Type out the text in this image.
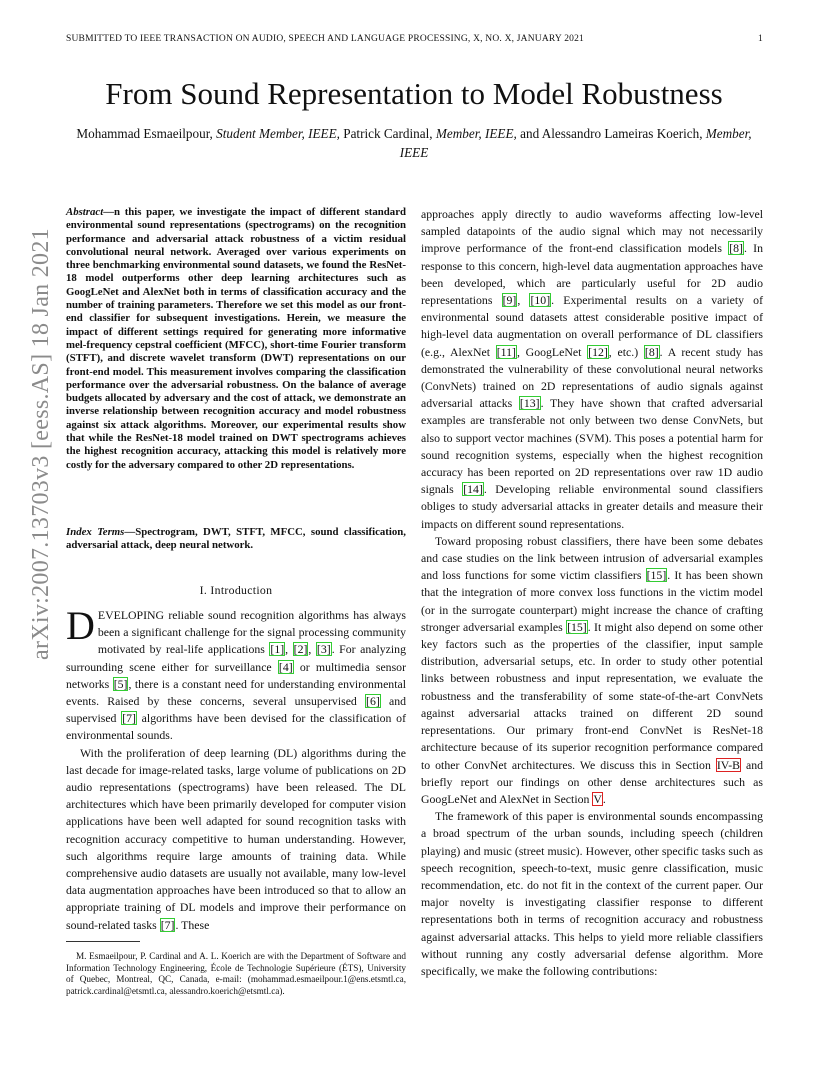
SUBMITTED TO IEEE TRANSACTION ON AUDIO, SPEECH AND LANGUAGE PROCESSING, X, NO. X, JANUARY 2021	1
arXiv:2007.13703v3 [eess.AS] 18 Jan 2021
From Sound Representation to Model Robustness
Mohammad Esmaeilpour, Student Member, IEEE, Patrick Cardinal, Member, IEEE, and Alessandro Lameiras Koerich, Member, IEEE
Abstract—n this paper, we investigate the impact of different standard environmental sound representations (spectrograms) on the recognition performance and adversarial attack robustness of a victim residual convolutional neural network. Averaged over various experiments on three benchmarking environmental sound datasets, we found the ResNet-18 model outperforms other deep learning architectures such as GoogLeNet and AlexNet both in terms of classification accuracy and the number of training parameters. Therefore we set this model as our front-end classifier for subsequent investigations. Herein, we measure the impact of different settings required for generating more informative mel-frequency cepstral coefficient (MFCC), short-time Fourier transform (STFT), and discrete wavelet transform (DWT) representations on our front-end model. This measurement involves comparing the classification performance over the adversarial robustness. On the balance of average budgets allocated by adversary and the cost of attack, we demonstrate an inverse relationship between recognition accuracy and model robustness against six attack algorithms. Moreover, our experimental results show that while the ResNet-18 model trained on DWT spectrograms achieves the highest recognition accuracy, attacking this model is relatively more costly for the adversary compared to other 2D representations.
Index Terms—Spectrogram, DWT, STFT, MFCC, sound classification, adversarial attack, deep neural network.
I. Introduction

DEVELOPING reliable sound recognition algorithms has always been a significant challenge for the signal processing community motivated by real-life applications [1], [2], [3]. For analyzing surrounding scene either for surveillance [4] or multimedia sensor networks [5], there is a constant need for understanding environmental events. Raised by these concerns, several unsupervised [6] and supervised [7] algorithms have been devised for the classification of environmental sounds.

With the proliferation of deep learning (DL) algorithms during the last decade for image-related tasks, large volume of publications on 2D audio representations (spectrograms) have been released. The DL architectures which have been primarily developed for computer vision applications have been well adapted for sound recognition tasks with recognition accuracy competitive to human understanding. However, such algorithms require large amounts of training data. While comprehensive audio datasets are usually not available, many low-level data augmentation approaches have been introduced so that to allow an appropriate training of DL models and improve their performance on sound-related tasks [7]. These

M. Esmaeilpour, P. Cardinal and A. L. Koerich are with the Department of Software and Information Technology Engineering, École de Technologie Supérieure (ÉTS), University of Quebec, Montreal, QC, Canada, e-mail: (mohammad.esmaeilpour.1@ens.etsmtl.ca, patrick.cardinal@etsmtl.ca, alessandro.koerich@etsmtl.ca).

approaches apply directly to audio waveforms affecting low-level sampled datapoints of the audio signal which may not necessarily improve performance of the front-end classification models [8]. In response to this concern, high-level data augmentation approaches have been developed, which are particularly useful for 2D audio representations [9], [10]. Experimental results on a variety of environmental sound datasets attest considerable positive impact of high-level data augmentation on overall performance of DL classifiers (e.g., AlexNet [11], GoogLeNet [12], etc.) [8]. A recent study has demonstrated the vulnerability of these convolutional neural networks (ConvNets) trained on 2D representations of audio signals against adversarial attacks [13]. They have shown that crafted adversarial examples are transferable not only between two dense ConvNets, but also to support vector machines (SVM). This poses a potential harm for sound recognition systems, especially when the highest recognition accuracy has been reported on 2D representations over raw 1D audio signals [14]. Developing reliable environmental sound classifiers obliges to study adversarial attacks in greater details and measure their impacts on different sound representations.

Toward proposing robust classifiers, there have been some debates and case studies on the link between intrusion of adversarial examples and loss functions for some victim classifiers [15]. It has been shown that the integration of more convex loss functions in the victim model (or in the surrogate counterpart) might increase the chance of crafting stronger adversarial examples [15]. It might also depend on some other key factors such as the properties of the classifier, input sample distribution, adversarial setups, etc. In order to study other potential links between robustness and input representation, we evaluate the robustness and the transferability of some state-of-the-art ConvNets against adversarial attacks trained on different 2D sound representations. Our primary front-end ConvNet is ResNet-18 architecture because of its superior recognition performance compared to other ConvNet architectures. We discuss this in Section IV-B and briefly report our findings on other dense architectures such as GoogLeNet and AlexNet in Section V.

The framework of this paper is environmental sounds encompassing a broad spectrum of the urban sounds, including speech (children playing) and music (street music). However, other specific tasks such as speech recognition, speech-to-text, music genre classification, music recommendation, etc. do not fit in the context of the current paper. Our major novelty is investigating classifier response to different representations both in terms of recognition accuracy and robustness against adversarial attacks. This helps to yield more reliable classifiers without running any costly adversarial defense algorithm. More specifically, we make the following contributions:
